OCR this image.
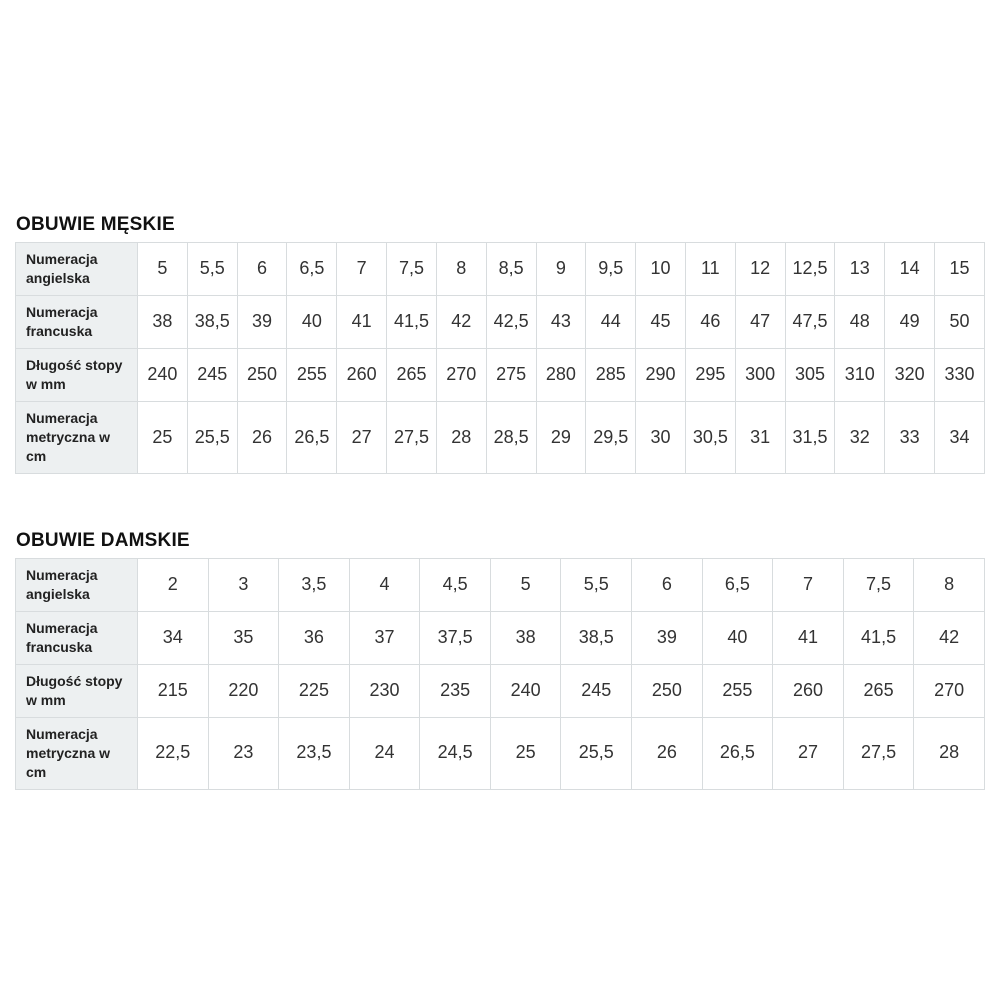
OBUWIE MĘSKIE
Numeracja angielska	5	5,5	6	6,5	7	7,5	8	8,5	9	9,5	10	11	12	12,5	13	14	15
Numeracja francuska	38	38,5	39	40	41	41,5	42	42,5	43	44	45	46	47	47,5	48	49	50
Długość stopy w mm	240	245	250	255	260	265	270	275	280	285	290	295	300	305	310	320	330
Numeracja metryczna w cm	25	25,5	26	26,5	27	27,5	28	28,5	29	29,5	30	30,5	31	31,5	32	33	34
OBUWIE DAMSKIE
Numeracja angielska	2	3	3,5	4	4,5	5	5,5	6	6,5	7	7,5	8
Numeracja francuska	34	35	36	37	37,5	38	38,5	39	40	41	41,5	42
Długość stopy w mm	215	220	225	230	235	240	245	250	255	260	265	270
Numeracja metryczna w cm	22,5	23	23,5	24	24,5	25	25,5	26	26,5	27	27,5	28
